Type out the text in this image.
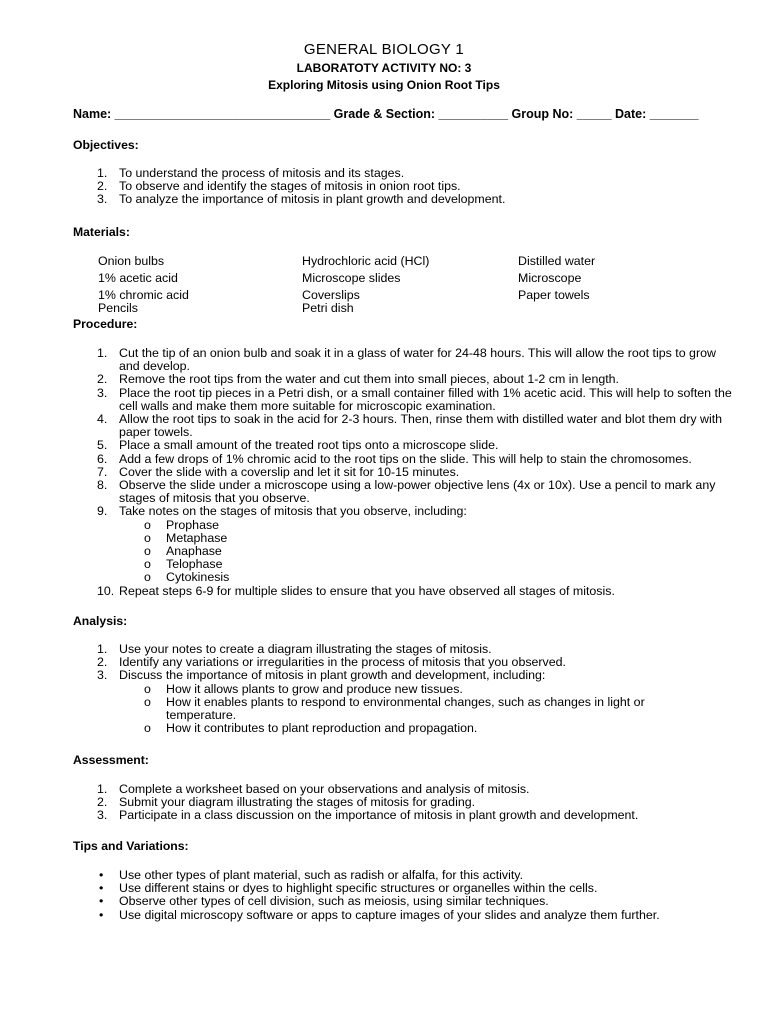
GENERAL BIOLOGY 1
LABORATOTY ACTIVITY NO: 3
Exploring Mitosis using Onion Root Tips
Name: _______________________________ Grade & Section: __________ Group No: _____ Date: _______
Objectives:
1. To understand the process of mitosis and its stages.
2. To observe and identify the stages of mitosis in onion root tips.
3. To analyze the importance of mitosis in plant growth and development.
Materials:
Onion bulbs
1% acetic acid
1% chromic acid
Pencils
Hydrochloric acid (HCl)
Microscope slides
Coverslips
Petri dish
Distilled water
Microscope
Paper towels
Procedure:
1. Cut the tip of an onion bulb and soak it in a glass of water for 24-48 hours. This will allow the root tips to grow and develop.
2. Remove the root tips from the water and cut them into small pieces, about 1-2 cm in length.
3. Place the root tip pieces in a Petri dish, or a small container filled with 1% acetic acid. This will help to soften the cell walls and make them more suitable for microscopic examination.
4. Allow the root tips to soak in the acid for 2-3 hours. Then, rinse them with distilled water and blot them dry with paper towels.
5. Place a small amount of the treated root tips onto a microscope slide.
6. Add a few drops of 1% chromic acid to the root tips on the slide. This will help to stain the chromosomes.
7. Cover the slide with a coverslip and let it sit for 10-15 minutes.
8. Observe the slide under a microscope using a low-power objective lens (4x or 10x). Use a pencil to mark any stages of mitosis that you observe.
9. Take notes on the stages of mitosis that you observe, including:
o Prophase
o Metaphase
o Anaphase
o Telophase
o Cytokinesis
10. Repeat steps 6-9 for multiple slides to ensure that you have observed all stages of mitosis.
Analysis:
1. Use your notes to create a diagram illustrating the stages of mitosis.
2. Identify any variations or irregularities in the process of mitosis that you observed.
3. Discuss the importance of mitosis in plant growth and development, including:
o How it allows plants to grow and produce new tissues.
o How it enables plants to respond to environmental changes, such as changes in light or temperature.
o How it contributes to plant reproduction and propagation.
Assessment:
1. Complete a worksheet based on your observations and analysis of mitosis.
2. Submit your diagram illustrating the stages of mitosis for grading.
3. Participate in a class discussion on the importance of mitosis in plant growth and development.
Tips and Variations:
• Use other types of plant material, such as radish or alfalfa, for this activity.
• Use different stains or dyes to highlight specific structures or organelles within the cells.
• Observe other types of cell division, such as meiosis, using similar techniques.
• Use digital microscopy software or apps to capture images of your slides and analyze them further.
